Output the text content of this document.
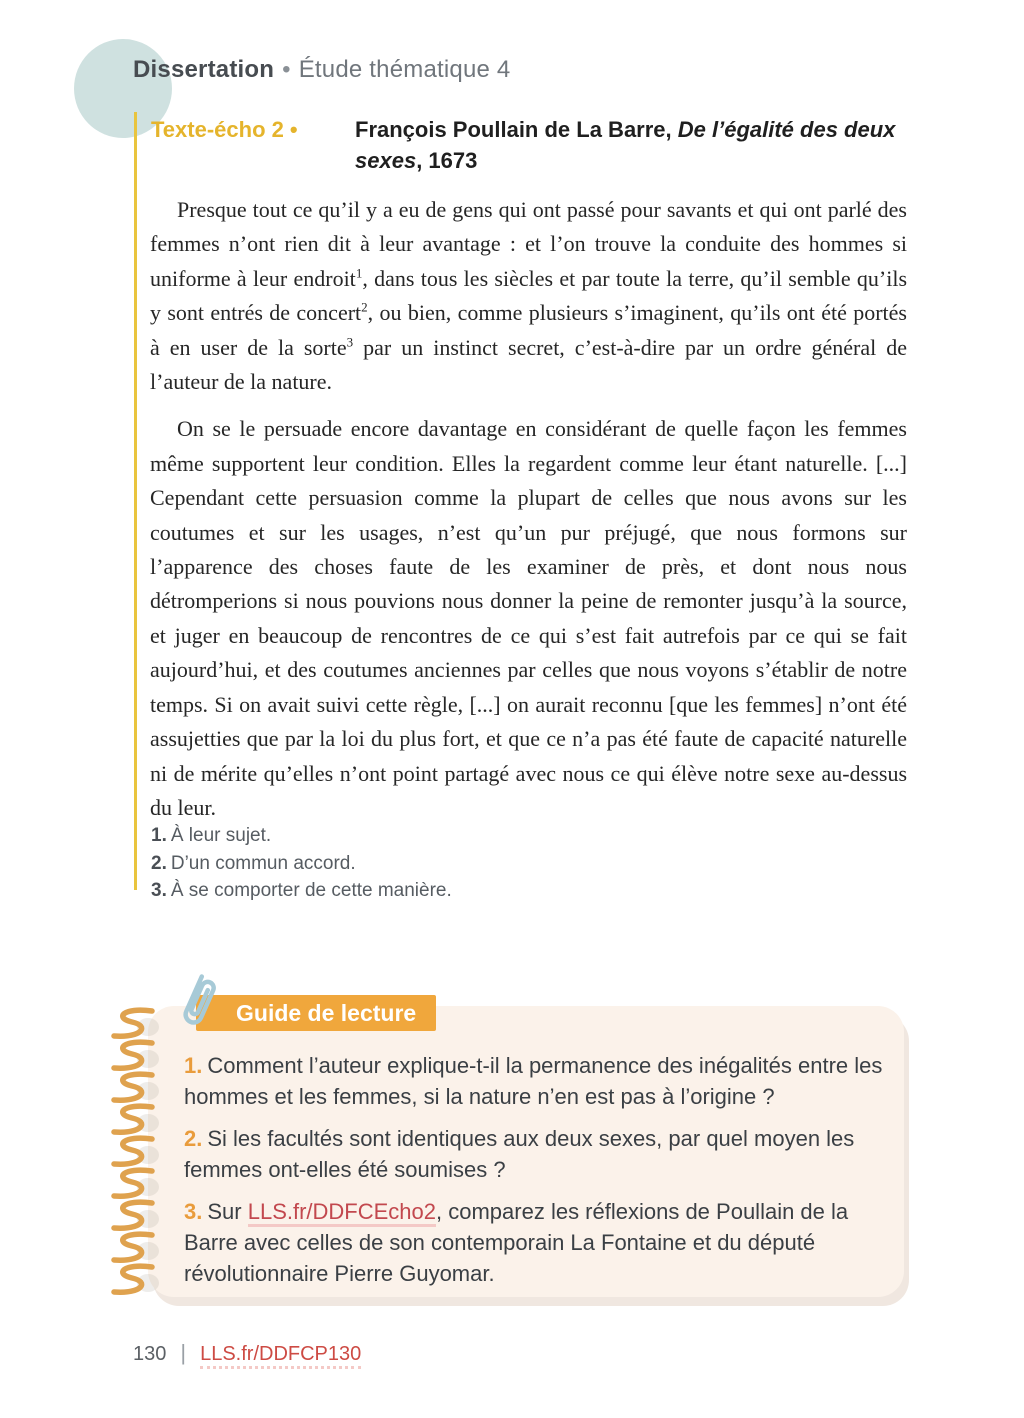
Dissertation • Étude thématique 4
Texte-écho 2 •	François Poullain de La Barre, De l’égalité des deux
sexes, 1673

Presque tout ce qu’il y a eu de gens qui ont passé pour savants et qui ont parlé des femmes n’ont rien dit à leur avantage : et l’on trouve la conduite des hommes si uniforme à leur endroit$^1$, dans tous les siècles et par toute la terre, qu’il semble qu’ils y sont entrés de concert$^2$, ou bien, comme plusieurs s’imaginent, qu’ils ont été portés à en user de la sorte$^3$ par un instinct secret, c’est-à-dire par un ordre général de l’auteur de la nature.

On se le persuade encore davantage en considérant de quelle façon les femmes même supportent leur condition. Elles la regardent comme leur étant naturelle. [...] Cependant cette persuasion comme la plupart de celles que nous avons sur les coutumes et sur les usages, n’est qu’un pur préjugé, que nous formons sur l’apparence des choses faute de les examiner de près, et dont nous nous détromperions si nous pouvions nous donner la peine de remonter jusqu’à la source, et juger en beaucoup de rencontres de ce qui s’est fait autrefois par ce qui se fait aujourd’hui, et des coutumes anciennes par celles que nous voyons s’établir de notre temps. Si on avait suivi cette règle, [...] on aurait reconnu [que les femmes] n’ont été assujetties que par la loi du plus fort, et que ce n’a pas été faute de capacité naturelle ni de mérite qu’elles n’ont point partagé avec nous ce qui élève notre sexe au-dessus du leur.

1. À leur sujet.
2. D’un commun accord.
3. À se comporter de cette manière.
Guide de lecture
1. Comment l’auteur explique-t-il la permanence des inégalités entre les hommes et les femmes, si la nature n’en est pas à l’origine ?
2. Si les facultés sont identiques aux deux sexes, par quel moyen les femmes ont-elles été soumises ?
3. Sur LLS.fr/DDFCEcho2, comparez les réflexions de Poullain de la Barre avec celles de son contemporain La Fontaine et du député révolutionnaire Pierre Guyomar.
130 | LLS.fr/DDFCP130
